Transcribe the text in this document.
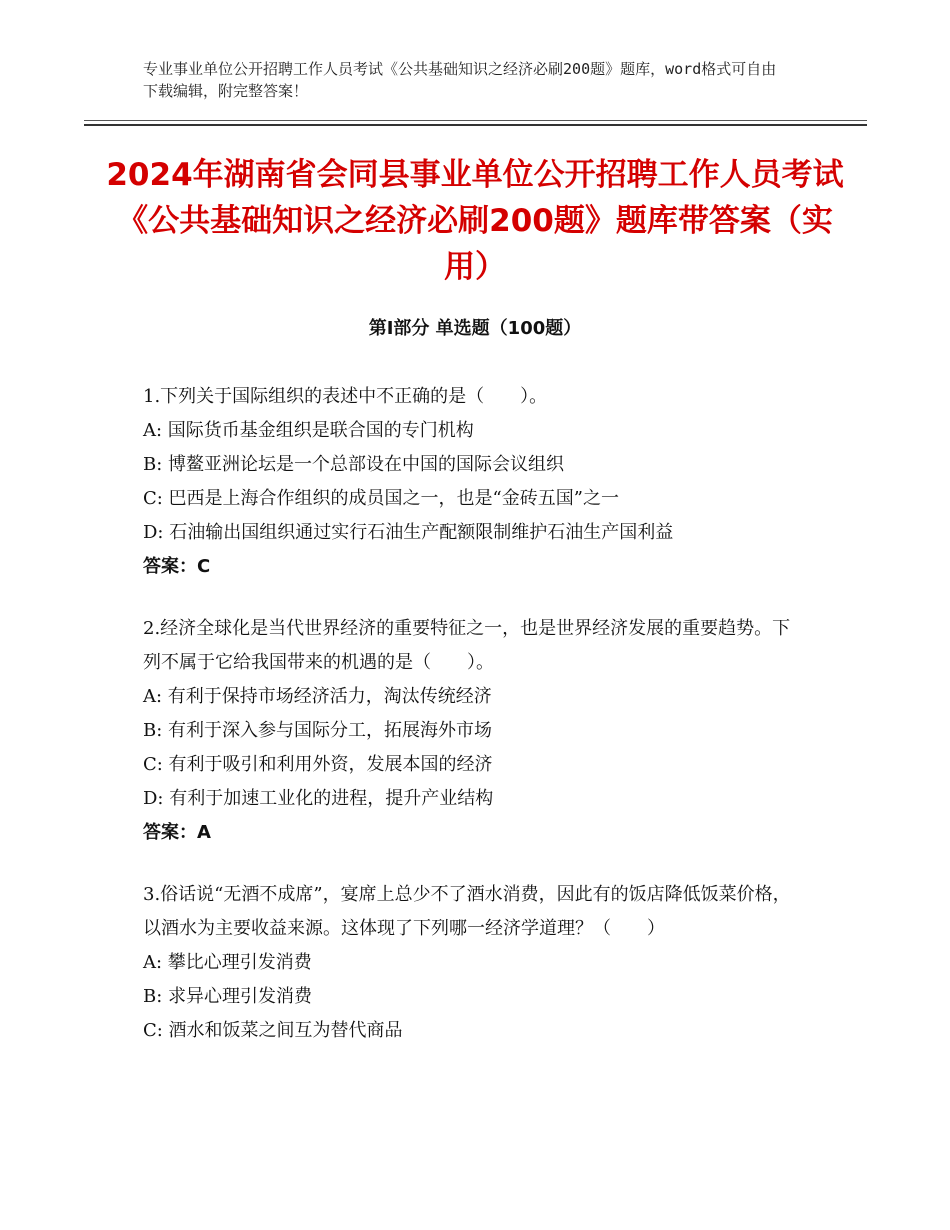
专业事业单位公开招聘工作人员考试《公共基础知识之经济必刷200题》题库，word格式可自由下载编辑，附完整答案！
2024年湖南省会同县事业单位公开招聘工作人员考试《公共基础知识之经济必刷200题》题库带答案（实用）
第Ⅰ部分 单选题（100题）

1.下列关于国际组织的表述中不正确的是（　　）。

A: 国际货币基金组织是联合国的专门机构

B: 博鳌亚洲论坛是一个总部设在中国的国际会议组织

C: 巴西是上海合作组织的成员国之一，也是“金砖五国”之一

D: 石油输出国组织通过实行石油生产配额限制维护石油生产国利益

答案：C

2.经济全球化是当代世界经济的重要特征之一，也是世界经济发展的重要趋势。下列不属于它给我国带来的机遇的是（　　）。

A: 有利于保持市场经济活力，淘汰传统经济

B: 有利于深入参与国际分工，拓展海外市场

C: 有利于吸引和利用外资，发展本国的经济

D: 有利于加速工业化的进程，提升产业结构

答案：A

3.俗话说“无酒不成席”，宴席上总少不了酒水消费，因此有的饭店降低饭菜价格，以酒水为主要收益来源。这体现了下列哪一经济学道理？（　　）

A: 攀比心理引发消费

B: 求异心理引发消费

C: 酒水和饭菜之间互为替代商品
